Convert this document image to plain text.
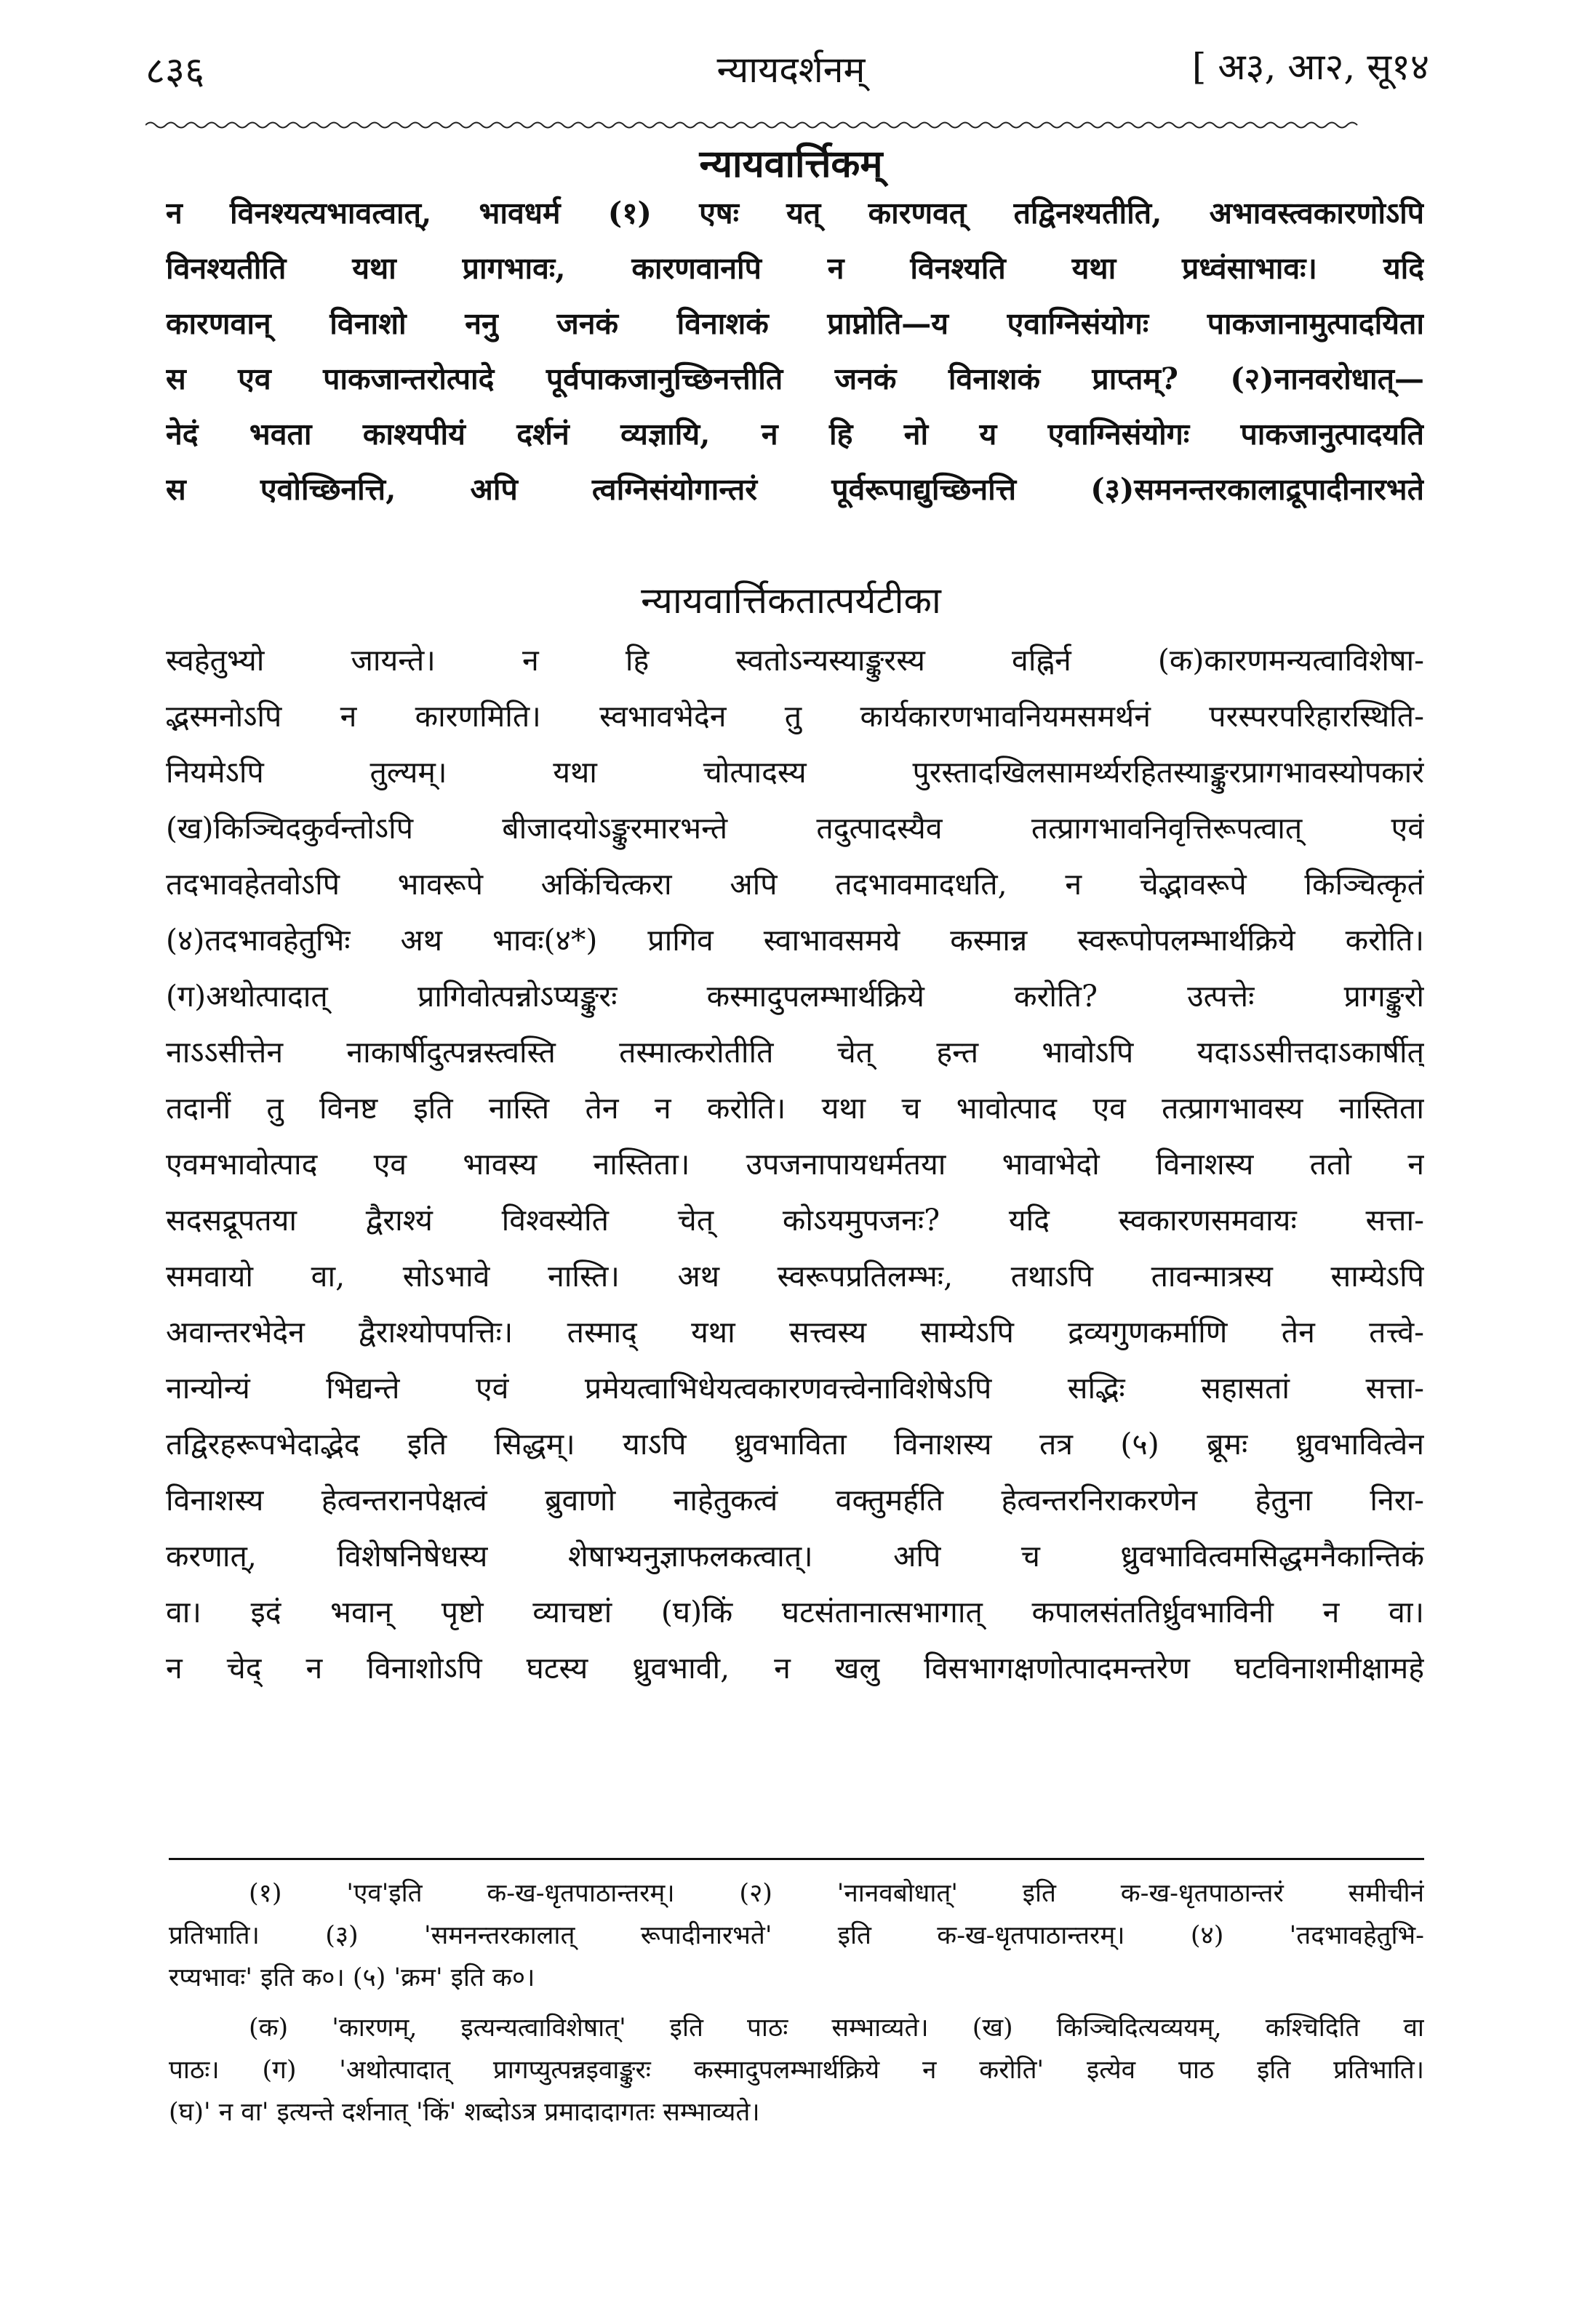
८३६	न्यायदर्शनम्	[ अ३, आ२, सू१४
न्यायवार्त्तिकम्
न विनश्यत्यभावत्वात्, भावधर्म (१) एषः यत् कारणवत् तद्विनश्यतीति, अभावस्त्वकारणोऽपि
विनश्यतीति यथा प्रागभावः, कारणवानपि न विनश्यति यथा प्रध्वंसाभावः। यदि
कारणवान् विनाशो ननु जनकं विनाशकं प्राप्नोति—य एवाग्निसंयोगः पाकजानामुत्पादयिता
स एव पाकजान्तरोत्पादे पूर्वपाकजानुच्छिनत्तीति जनकं विनाशकं प्राप्तम्? (२)नानवरोधात्—
नेदं भवता काश्यपीयं दर्शनं व्यज्ञायि, न हि नो य एवाग्निसंयोगः पाकजानुत्पादयति
स एवोच्छिनत्ति, अपि त्वग्निसंयोगान्तरं पूर्वरूपाद्युच्छिनत्ति (३)समनन्तरकालाद्रूपादीनारभते
न्यायवार्त्तिकतात्पर्यटीका
स्वहेतुभ्यो जायन्ते। न हि स्वतोऽन्यस्याङ्कुरस्य वह्निर्न (क)कारणमन्यत्वाविशेषा-
द्भस्मनोऽपि न कारणमिति। स्वभावभेदेन तु कार्यकारणभावनियमसमर्थनं परस्परपरिहारस्थिति-
नियमेऽपि तुल्यम्। यथा चोत्पादस्य पुरस्तादखिलसामर्थ्यरहितस्याङ्कुरप्रागभावस्योपकारं
(ख)किञ्चिदकुर्वन्तोऽपि बीजादयोऽङ्कुरमारभन्ते तदुत्पादस्यैव तत्प्रागभावनिवृत्तिरूपत्वात् एवं
तदभावहेतवोऽपि भावरूपे अकिंचित्करा अपि तदभावमादधति, न चेद्भावरूपे किञ्चित्कृतं
(४)तदभावहेतुभिः अथ भावः(४*) प्रागिव स्वाभावसमये कस्मान्न स्वरूपोपलम्भार्थक्रिये करोति।
(ग)अथोत्पादात् प्रागिवोत्पन्नोऽप्यङ्कुरः कस्मादुपलम्भार्थक्रिये करोति? उत्पत्तेः प्रागङ्कुरो
नाऽऽसीत्तेन नाकार्षीदुत्पन्नस्त्वस्ति तस्मात्करोतीति चेत् हन्त भावोऽपि यदाऽऽसीत्तदाऽकार्षीत्
तदानीं तु विनष्ट इति नास्ति तेन न करोति। यथा च भावोत्पाद एव तत्प्रागभावस्य नास्तिता
एवमभावोत्पाद एव भावस्य नास्तिता। उपजनापायधर्मतया भावाभेदो विनाशस्य ततो न
सदसद्रूपतया द्वैराश्यं विश्वस्येति चेत् कोऽयमुपजनः? यदि स्वकारणसमवायः सत्ता-
समवायो वा, सोऽभावे नास्ति। अथ स्वरूपप्रतिलम्भः, तथाऽपि तावन्मात्रस्य साम्येऽपि
अवान्तरभेदेन द्वैराश्योपपत्तिः। तस्माद् यथा सत्त्वस्य साम्येऽपि द्रव्यगुणकर्माणि तेन तत्त्वे-
नान्योन्यं भिद्यन्ते एवं प्रमेयत्वाभिधेयत्वकारणवत्त्वेनाविशेषेऽपि सद्भिः सहासतां सत्ता-
तद्विरहरूपभेदाद्भेद इति सिद्धम्। याऽपि ध्रुवभाविता विनाशस्य तत्र (५) ब्रूमः ध्रुवभावित्वेन
विनाशस्य हेत्वन्तरानपेक्षत्वं ब्रुवाणो नाहेतुकत्वं वक्तुमर्हति हेत्वन्तरनिराकरणेन हेतुना निरा-
करणात्, विशेषनिषेधस्य शेषाभ्यनुज्ञाफलकत्वात्। अपि च ध्रुवभावित्वमसिद्धमनैकान्तिकं
वा। इदं भवान् पृष्टो व्याचष्टां (घ)किं घटसंतानात्सभागात् कपालसंततिर्ध्रुवभाविनी न वा।
न चेद् न विनाशोऽपि घटस्य ध्रुवभावी, न खलु विसभागक्षणोत्पादमन्तरेण घटविनाशमीक्षामहे
(१) 'एव'इति क-ख-धृतपाठान्तरम्। (२) 'नानवबोधात्' इति क-ख-धृतपाठान्तरं समीचीनं
प्रतिभाति। (३) 'समनन्तरकालात् रूपादीनारभते' इति क-ख-धृतपाठान्तरम्। (४) 'तदभावहेतुभि-
रप्यभावः' इति क०। (५) 'क्रम' इति क०।
(क) 'कारणम्, इत्यन्यत्वाविशेषात्' इति पाठः सम्भाव्यते। (ख) किञ्चिदित्यव्ययम्, कश्चिदिति वा
पाठः। (ग) 'अथोत्पादात् प्रागप्युत्पन्नइवाङ्कुरः कस्मादुपलम्भार्थक्रिये न करोति' इत्येव पाठ इति प्रतिभाति।
(घ)' न वा' इत्यन्ते दर्शनात् 'किं' शब्दोऽत्र प्रमादादागतः सम्भाव्यते।
